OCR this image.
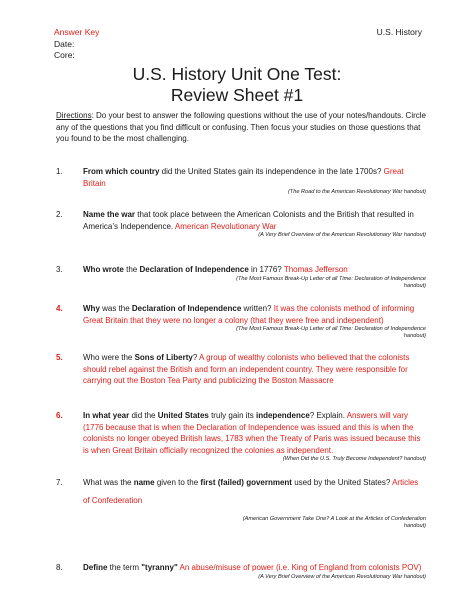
Answer Key
Date:
Core:
U.S. History
U.S. History Unit One Test:
Review Sheet #1
Directions: Do your best to answer the following questions without the use of your notes/handouts. Circle any of the questions that you find difficult or confusing. Then focus your studies on those questions that you found to be the most challenging.
1.	From which country did the United States gain its independence in the late 1700s? Great Britain
(The Road to the American Revolutionary War handout)
2.	Name the war that took place between the American Colonists and the British that resulted in America’s Independence. American Revolutionary War
(A Very Brief Overview of the American Revolutionary War handout)
3.	Who wrote the Declaration of Independence in 1776? Thomas Jefferson
(The Most Famous Break-Up Letter of all Time: Declaration of Independence handout)
4.	Why was the Declaration of Independence written? It was the colonists method of informing Great Britain that they were no longer a colony (that they were free and independent)
(The Most Famous Break-Up Letter of all Time: Declaration of Independence handout)
5.	Who were the Sons of Liberty? A group of wealthy colonists who believed that the colonists should rebel against the British and form an independent country. They were responsible for carrying out the Boston Tea Party and publicizing the Boston Massacre
6.	In what year did the United States truly gain its independence? Explain. Answers will vary (1776 because that is when the Declaration of Independence was issued and this is when the colonists no longer obeyed British laws, 1783 when the Treaty of Paris was issued because this is when Great Britain officially recognized the colonies as independent.
(When Did the U.S. Truly Become Independent? handout)
7.	What was the name given to the first (failed) government used by the United States? Articles of Confederation
(American Government Take One? A Look at the Articles of Confederation handout)
8.	Define the term "tyranny" An abuse/misuse of power (i.e. King of England from colonists POV)
(A Very Brief Overview of the American Revolutionary War handout)
